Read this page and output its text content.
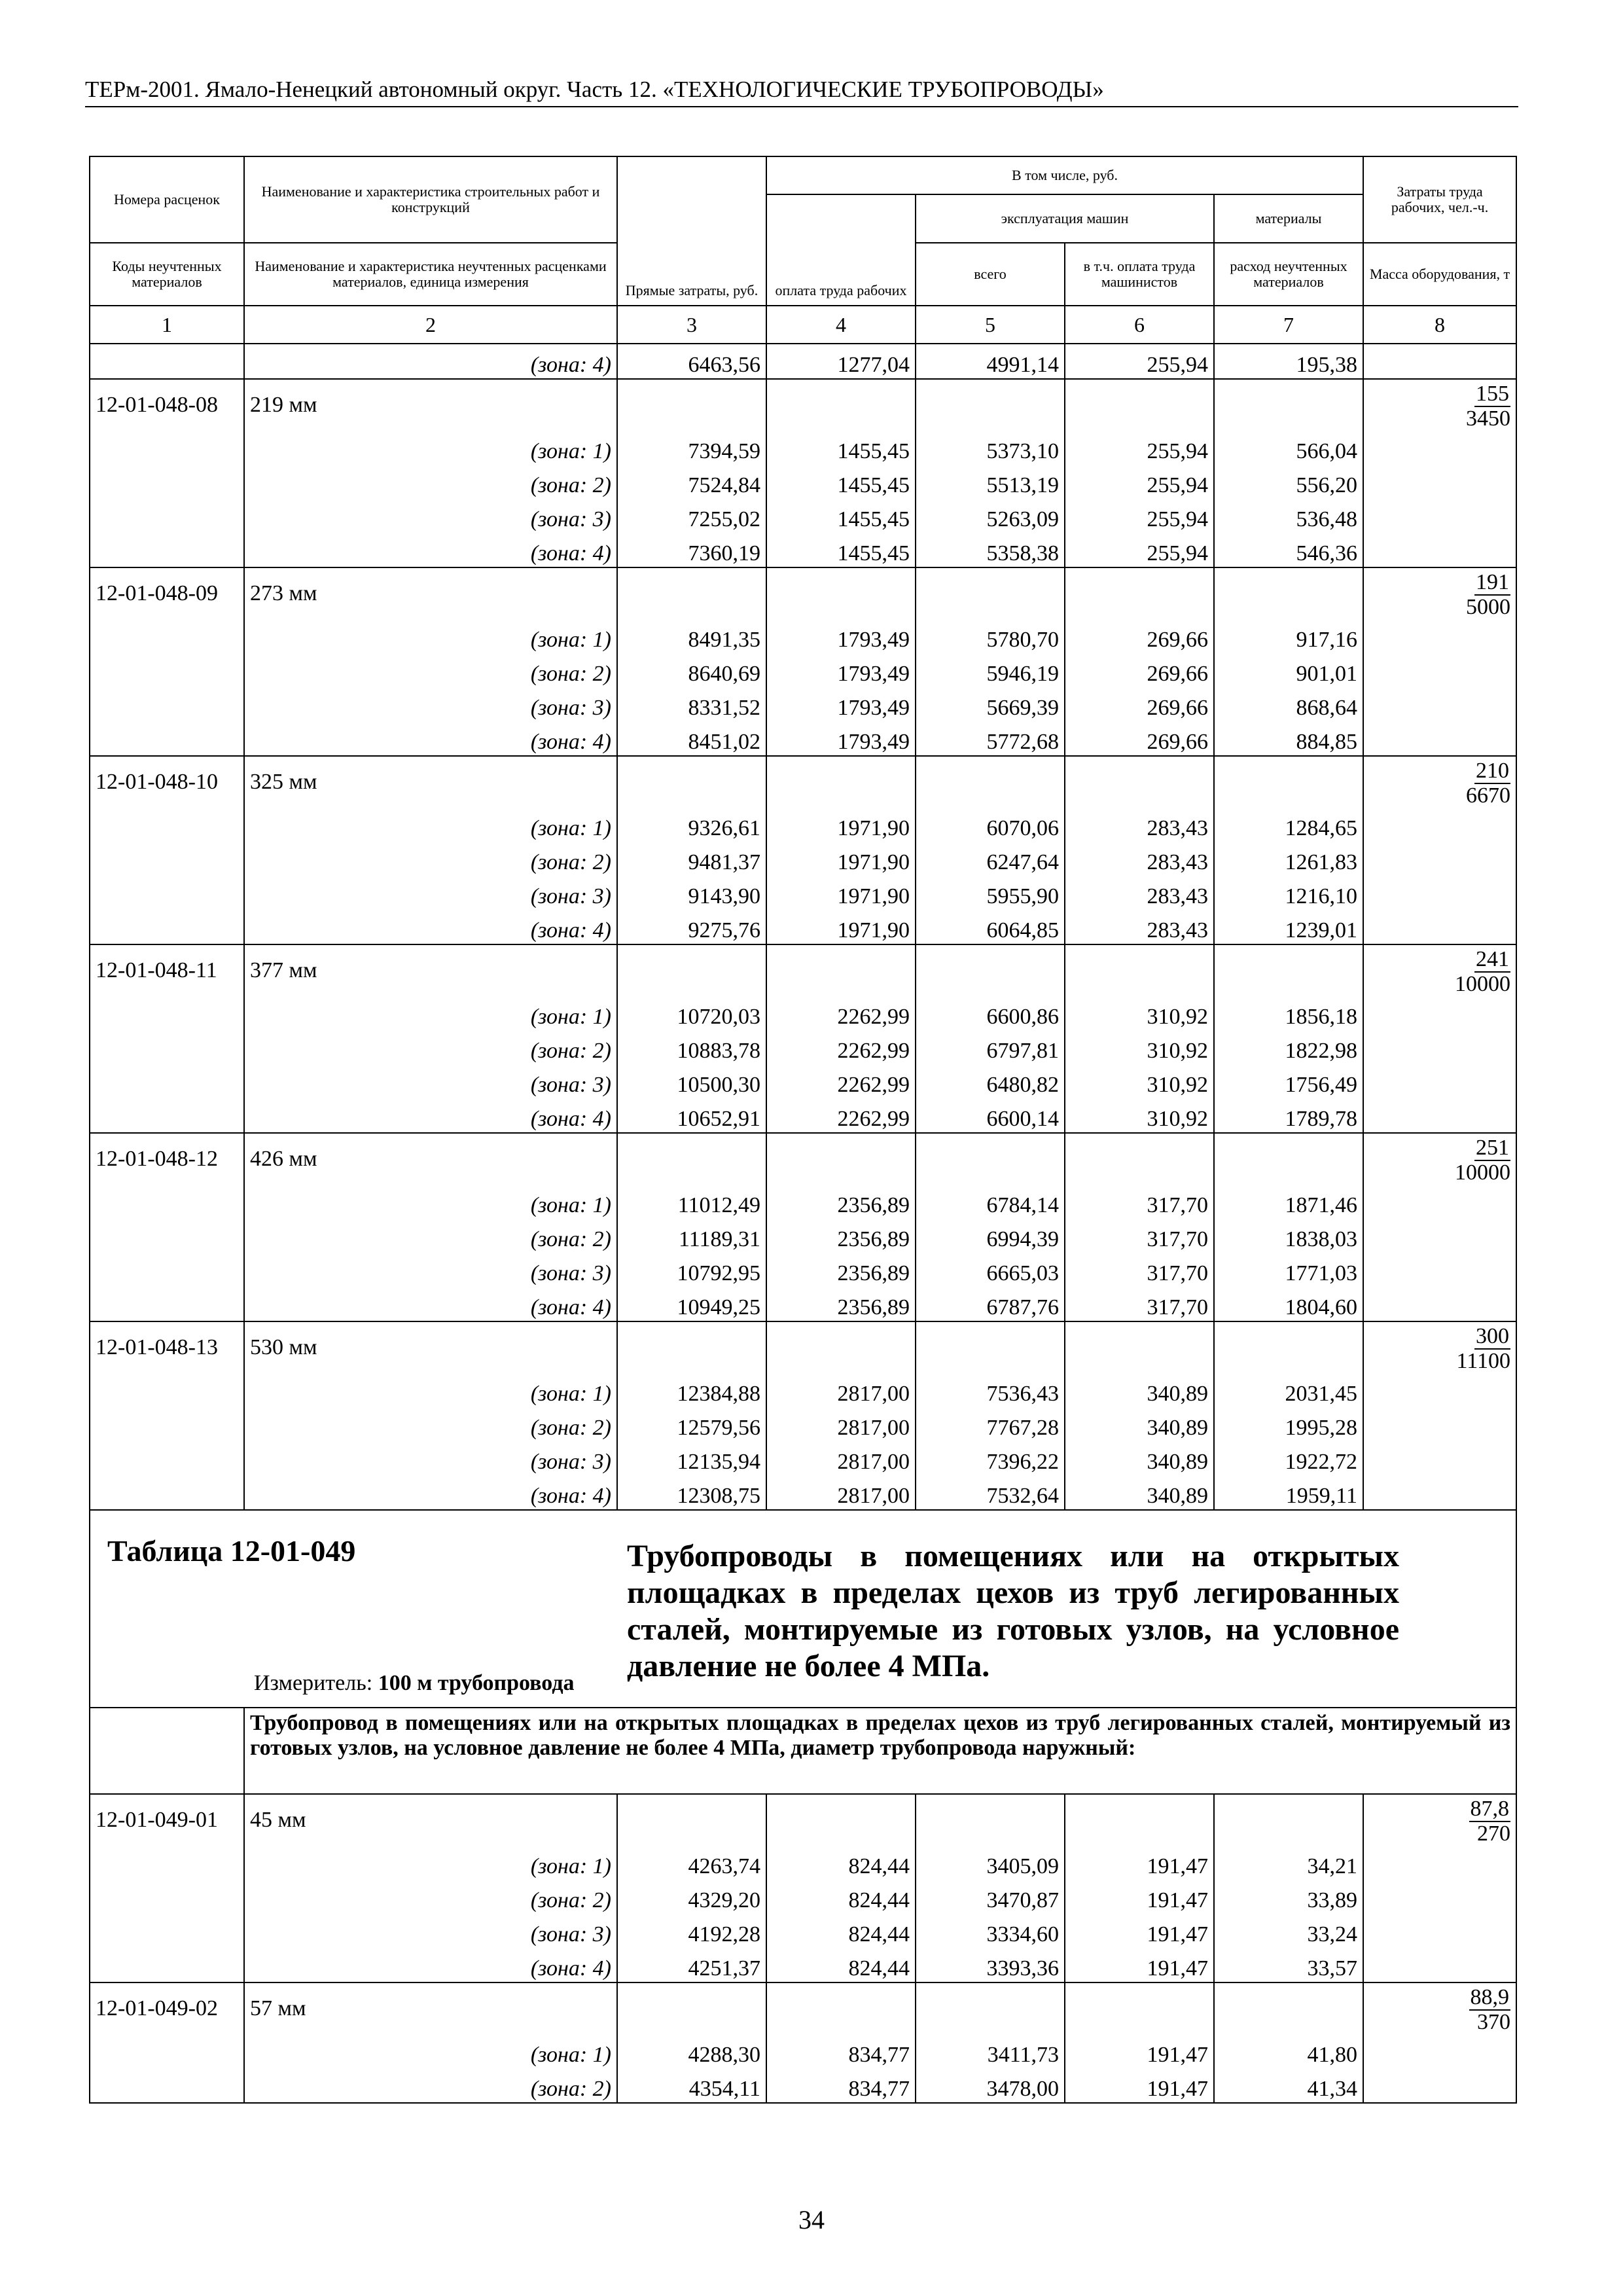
ТЕРм-2001. Ямало-Ненецкий автономный округ. Часть 12. «ТЕХНОЛОГИЧЕСКИЕ ТРУБОПРОВОДЫ»
Номера расценок	Наименование и характеристика строительных работ и конструкций	Прямые затраты, руб.	В том числе, руб.				Затраты труда рабочих, чел.-ч.
			оплата труда рабочих	эксплуатация машин		материалы	
Коды неучтенных материалов	Наименование и характеристика неучтенных расценками материалов, единица измерения			всего	в т.ч. оплата труда машинистов	расход неучтенных материалов	Масса оборудования, т
1	2	3	4	5	6	7	8
	(зона: 4)	6463,56	1277,04	4991,14	255,94	195,38	
12-01-048-08	219 мм						155
3450
	(зона: 1)	7394,59	1455,45	5373,10	255,94	566,04	
	(зона: 2)	7524,84	1455,45	5513,19	255,94	556,20	
	(зона: 3)	7255,02	1455,45	5263,09	255,94	536,48	
	(зона: 4)	7360,19	1455,45	5358,38	255,94	546,36	
12-01-048-09	273 мм						191
5000
	(зона: 1)	8491,35	1793,49	5780,70	269,66	917,16	
	(зона: 2)	8640,69	1793,49	5946,19	269,66	901,01	
	(зона: 3)	8331,52	1793,49	5669,39	269,66	868,64	
	(зона: 4)	8451,02	1793,49	5772,68	269,66	884,85	
12-01-048-10	325 мм						210
6670
	(зона: 1)	9326,61	1971,90	6070,06	283,43	1284,65	
	(зона: 2)	9481,37	1971,90	6247,64	283,43	1261,83	
	(зона: 3)	9143,90	1971,90	5955,90	283,43	1216,10	
	(зона: 4)	9275,76	1971,90	6064,85	283,43	1239,01	
12-01-048-11	377 мм						241
10000
	(зона: 1)	10720,03	2262,99	6600,86	310,92	1856,18	
	(зона: 2)	10883,78	2262,99	6797,81	310,92	1822,98	
	(зона: 3)	10500,30	2262,99	6480,82	310,92	1756,49	
	(зона: 4)	10652,91	2262,99	6600,14	310,92	1789,78	
12-01-048-12	426 мм						251
10000
	(зона: 1)	11012,49	2356,89	6784,14	317,70	1871,46	
	(зона: 2)	11189,31	2356,89	6994,39	317,70	1838,03	
	(зона: 3)	10792,95	2356,89	6665,03	317,70	1771,03	
	(зона: 4)	10949,25	2356,89	6787,76	317,70	1804,60	
12-01-048-13	530 мм						300
11100
	(зона: 1)	12384,88	2817,00	7536,43	340,89	2031,45	
	(зона: 2)	12579,56	2817,00	7767,28	340,89	1995,28	
	(зона: 3)	12135,94	2817,00	7396,22	340,89	1922,72	
	(зона: 4)	12308,75	2817,00	7532,64	340,89	1959,11	

Таблица 12-01-049 Трубопроводы в помещениях или на открытых площадках в пределах цехов из труб легированных сталей, монтируемые из готовых узлов, на условное давление не более 4 МПа.
Измеритель: 100 м трубопровода							

	Трубопровод в помещениях или на открытых площадках в пределах цехов из труб легированных сталей, монтируемый из готовых узлов, на условное давление не более 4 МПа, диаметр трубопровода наружный:						

12-01-049-01	45 мм						87,8
270
	(зона: 1)	4263,74	824,44	3405,09	191,47	34,21	
	(зона: 2)	4329,20	824,44	3470,87	191,47	33,89	
	(зона: 3)	4192,28	824,44	3334,60	191,47	33,24	
	(зона: 4)	4251,37	824,44	3393,36	191,47	33,57	
12-01-049-02	57 мм						88,9
370
	(зона: 1)	4288,30	834,77	3411,73	191,47	41,80	
	(зона: 2)	4354,11	834,77	3478,00	191,47	41,34	
34
